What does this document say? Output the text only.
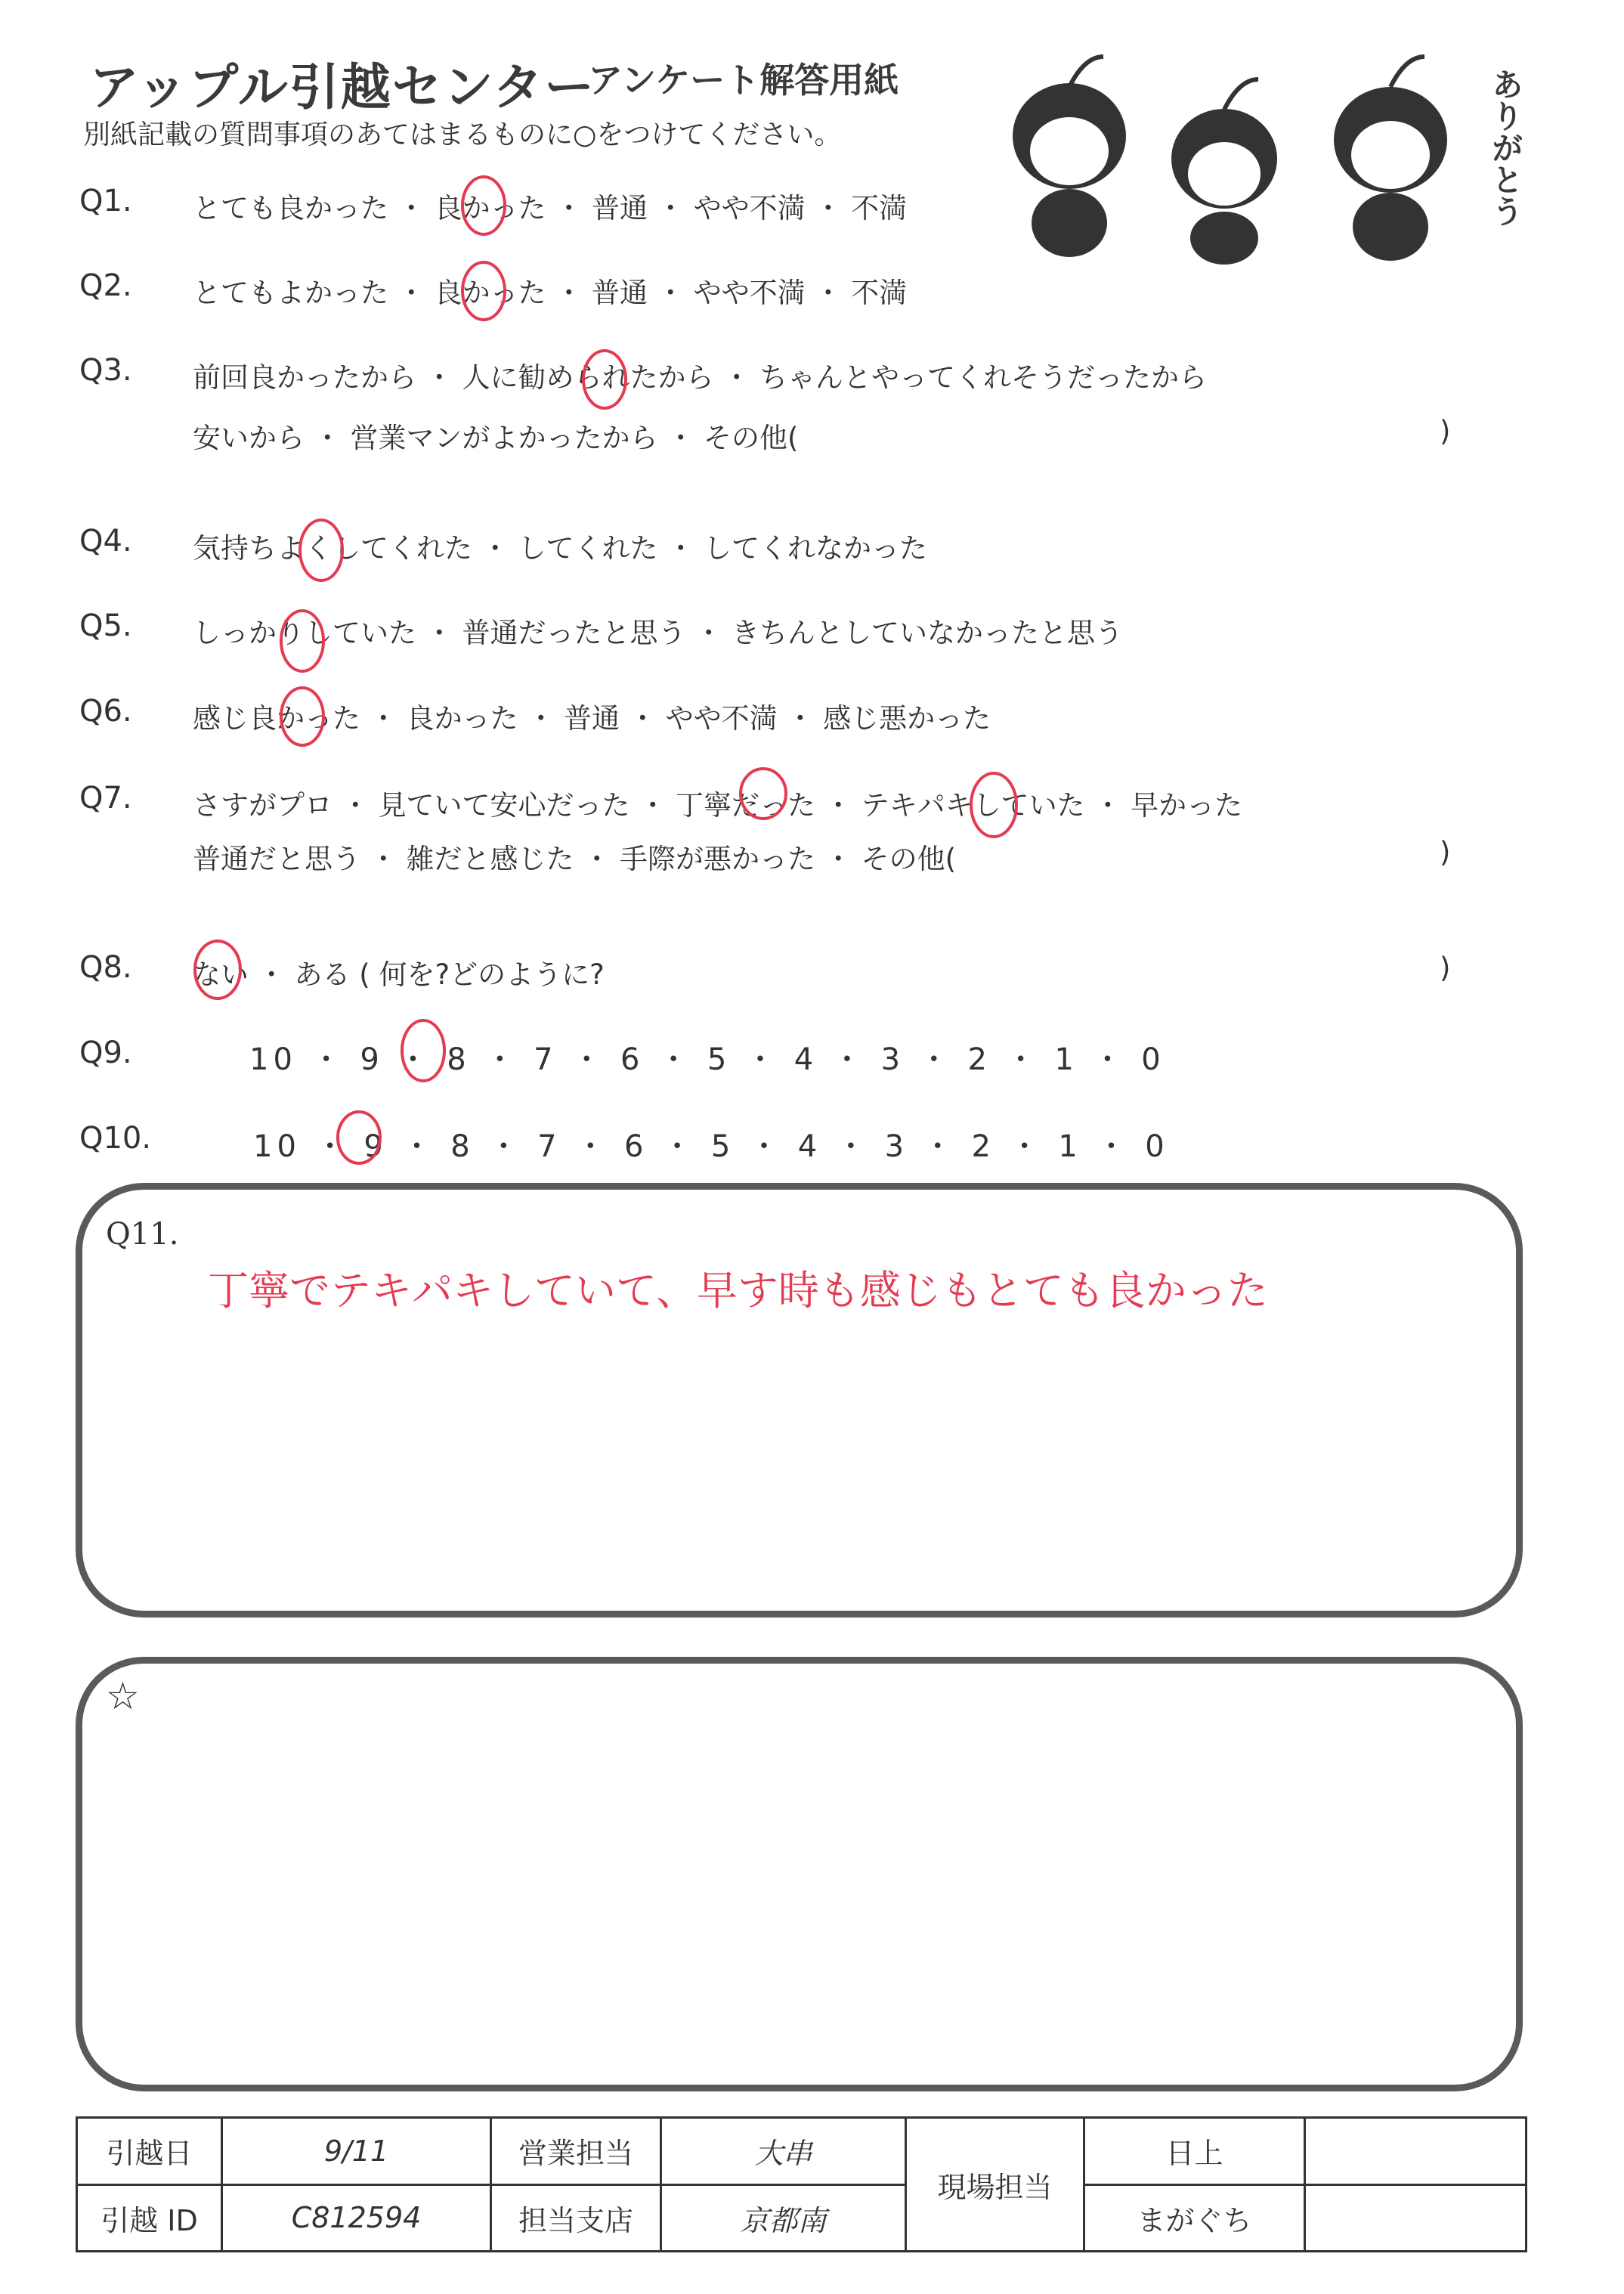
アップル引越センター
アンケート解答用紙
別紙記載の質問事項のあてはまるものに○をつけてください。	ありがとう
Q1. とても良かった ・ 良かった ・ 普通 ・ やや不満 ・ 不満
Q2. とてもよかった ・ 良かった ・ 普通 ・ やや不満 ・ 不満
Q3. 前回良かったから ・ 人に勧められたから ・ ちゃんとやってくれそうだったから
安いから ・ 営業マンがよかったから ・ その他(	)
Q4. 気持ちよくしてくれた ・ してくれた ・ してくれなかった
Q5. しっかりしていた ・ 普通だったと思う ・ きちんとしていなかったと思う
Q6. 感じ良かった ・ 良かった ・ 普通 ・ やや不満 ・ 感じ悪かった
Q7. さすがプロ ・ 見ていて安心だった ・ 丁寧だった ・ テキパキしていた ・ 早かった
普通だと思う ・ 雑だと感じた ・ 手際が悪かった ・ その他(	)
Q8. ない ・ ある ( 何を?どのように?	)
Q9.	10 ・ 9 ・ 8 ・ 7 ・ 6 ・ 5 ・ 4 ・ 3 ・ 2 ・ 1 ・ 0
Q10.	10 ・ 9 ・ 8 ・ 7 ・ 6 ・ 5 ・ 4 ・ 3 ・ 2 ・ 1 ・ 0
Q11.
丁寧でテキパキしていて、早す時も感じもとても良かった
☆
引越日	9/11	営業担当	大串	現場担当	日上	
引越 ID	C812594	担当支店	京都南		まがぐち	
